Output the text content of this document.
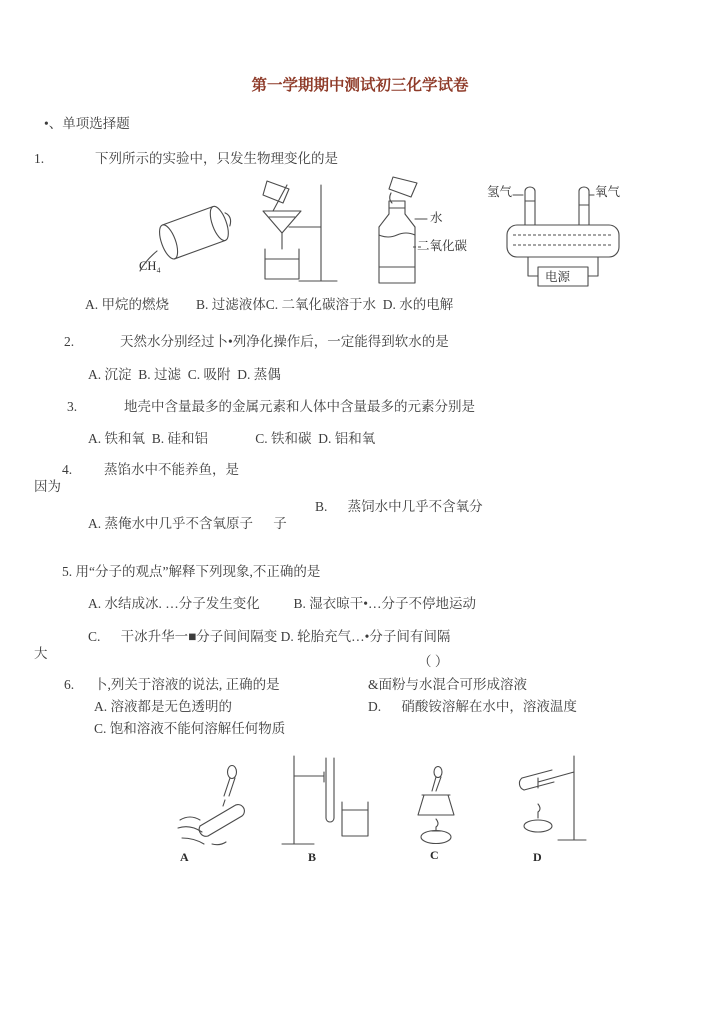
第一学期期中测试初三化学试卷
•、单项选择题
1.	下列所示的实验中，只发生物理变化的是
CH₄
水
二氧化碳
氢气	氧气
电源
A. 甲烷的燃烧        B. 过滤液体C. 二氧化碳溶于水  D. 水的电解
2.	天然水分别经过卜•列净化操作后，一定能得到软水的是
A. 沉淀  B. 过滤  C. 吸附  D. 蒸偶
3.	地壳中含量最多的金属元素和人体中含量最多的元素分别是
A. 铁和氧  B. 硅和铝              C. 铁和碳  D. 铝和氧
4. 蒸馅水中不能养鱼，是
因为
B.      蒸饲水中几乎不含氧分
A. 蒸俺水中几乎不含氧原子      子
5. 用“分子的观点”解释下列现象,不正确的是
A. 水结成冰. …分子发生变化          B. 湿衣晾干•…分子不停地运动
C.      干冰升华一■分子间间隔变 D. 轮胎充气…•分子间有间隔
大
（ ）
6. 卜,列关于溶液的说法, 正确的是	&面粉与水混合可形成溶液
A. 溶液都是无色透明的	D.      硝酸铵溶解在水中，溶液温度
C. 饱和溶液不能何溶解任何物质
A	B	C	D
